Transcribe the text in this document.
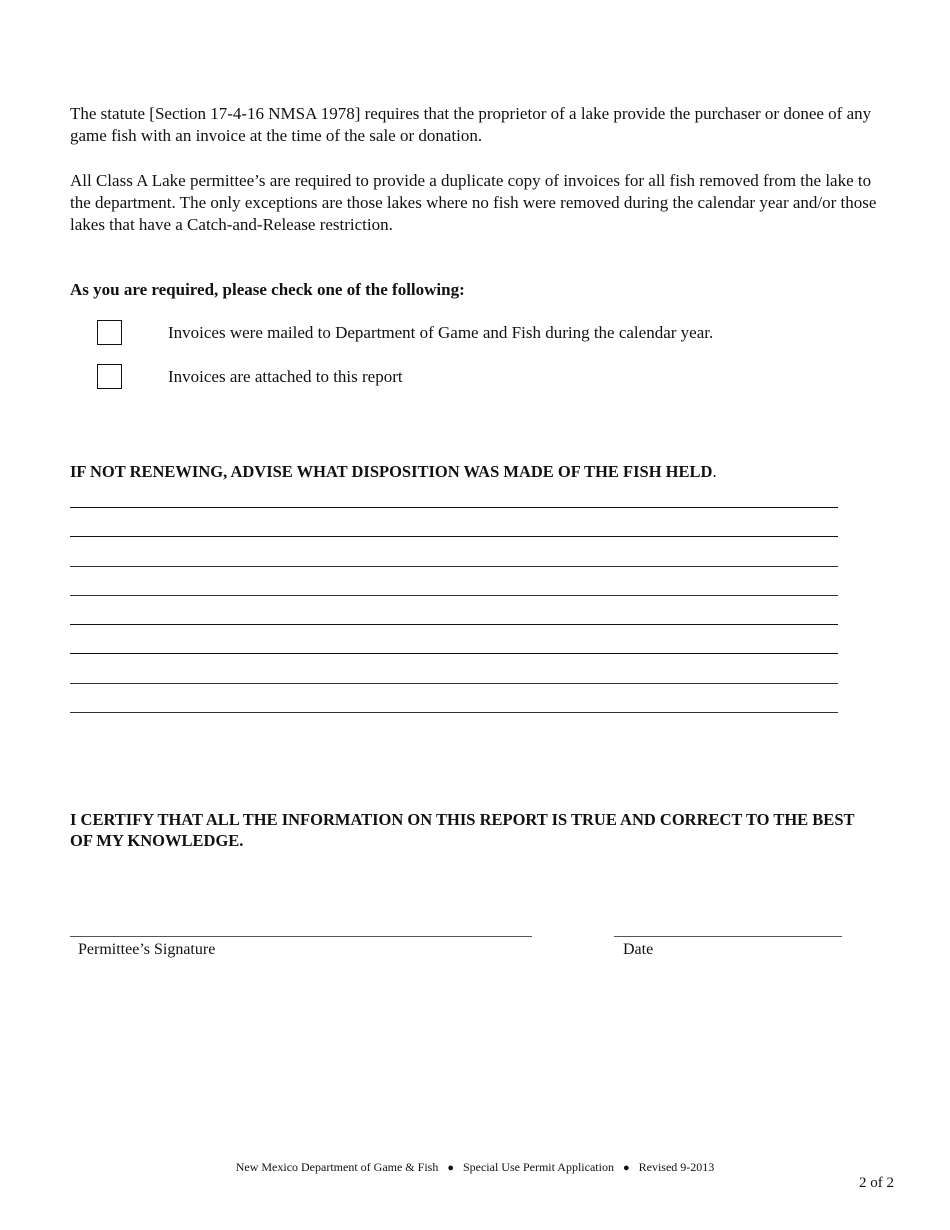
The statute [Section 17-4-16 NMSA 1978] requires that the proprietor of a lake provide the purchaser or donee of any game fish with an invoice at the time of the sale or donation.

All Class A Lake permittee’s are required to provide a duplicate copy of invoices for all fish removed from the lake to the department. The only exceptions are those lakes where no fish were removed during the calendar year and/or those lakes that have a Catch-and-Release restriction.

As you are required, please check one of the following:
Invoices were mailed to Department of Game and Fish during the calendar year.
Invoices are attached to this report
IF NOT RENEWING, ADVISE WHAT DISPOSITION WAS MADE OF THE FISH HELD.
I CERTIFY THAT ALL THE INFORMATION ON THIS REPORT IS TRUE AND CORRECT TO THE BEST OF MY KNOWLEDGE.
Permittee’s Signature	Date
New Mexico Department of Game & Fish ● Special Use Permit Application ● Revised 9-2013
2 of 2
